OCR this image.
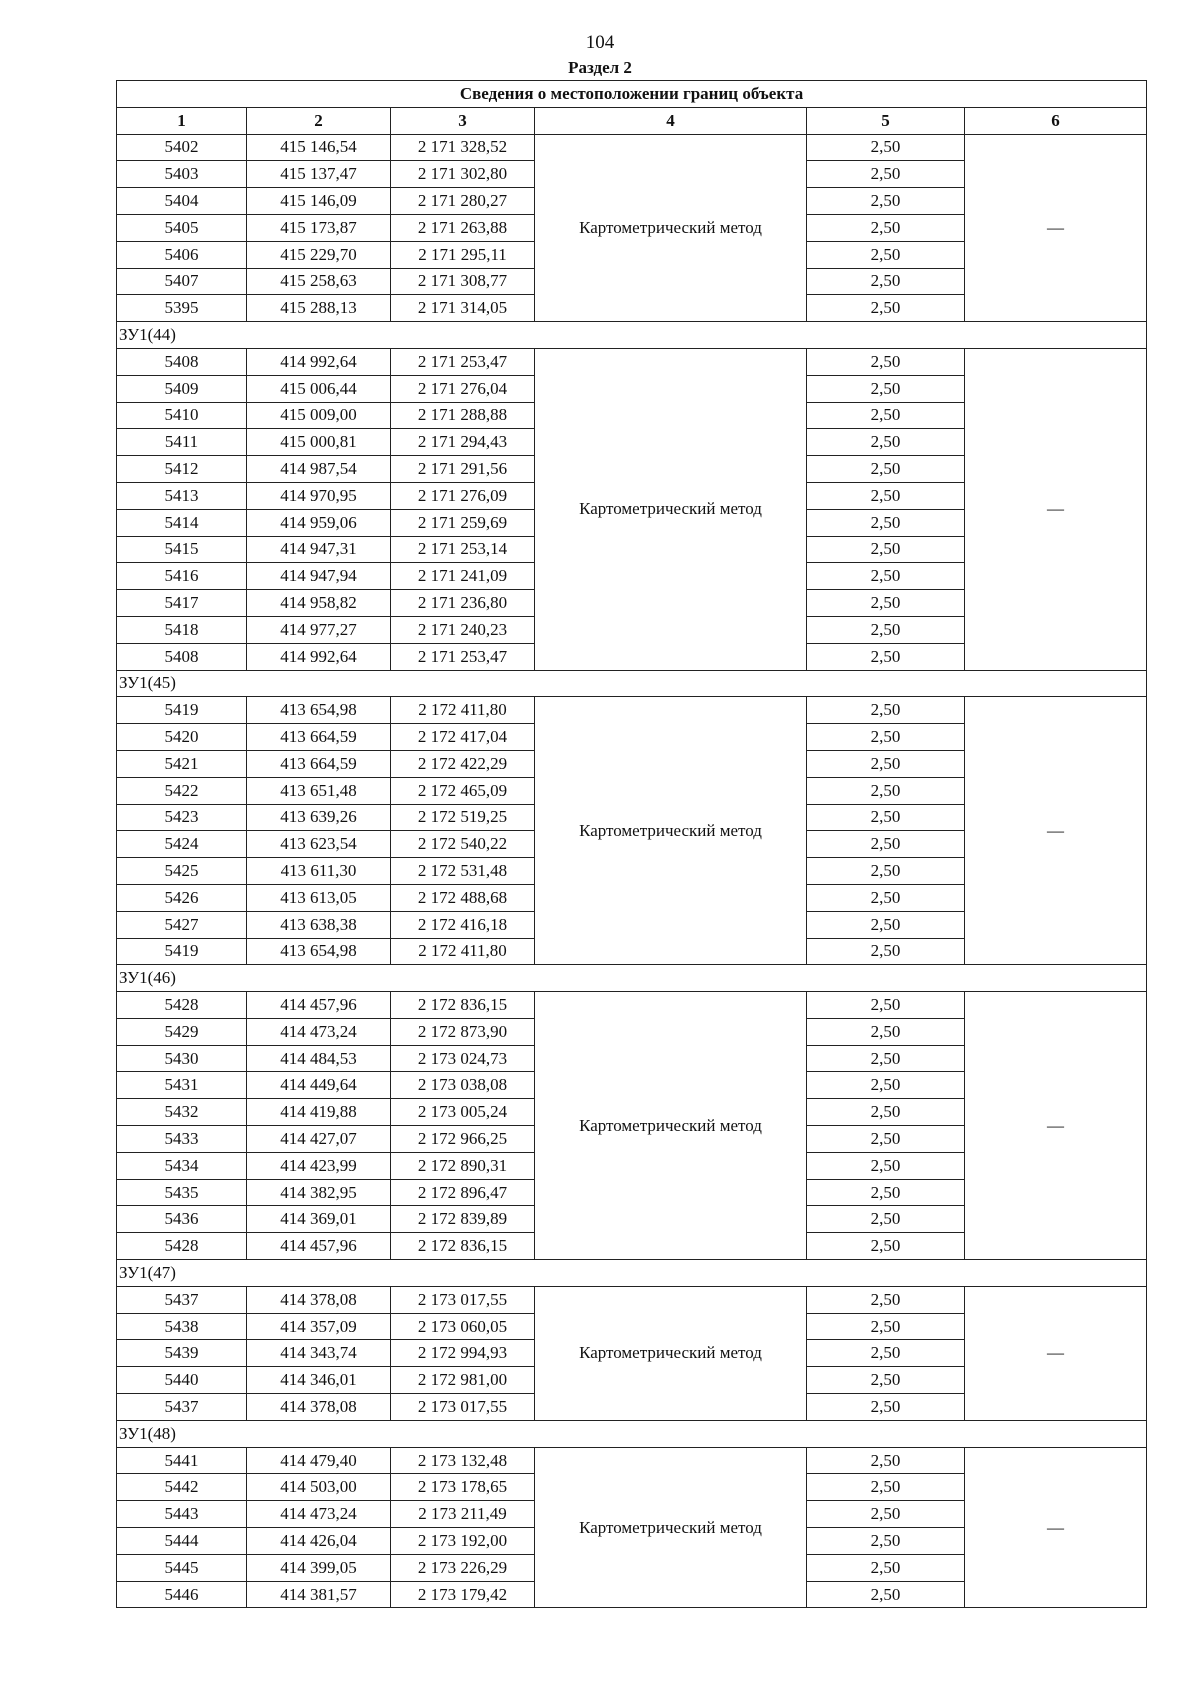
104
Раздел 2
Сведения о местоположении границ объекта					
1	2	3	4	5	6
5402	415 146,54	2 171 328,52	Картометрический метод	2,50	—
5403	415 137,47	2 171 302,80		2,50	
5404	415 146,09	2 171 280,27		2,50	
5405	415 173,87	2 171 263,88		2,50	
5406	415 229,70	2 171 295,11		2,50	
5407	415 258,63	2 171 308,77		2,50	
5395	415 288,13	2 171 314,05		2,50	
ЗУ1(44)					
5408	414 992,64	2 171 253,47	Картометрический метод	2,50	—
5409	415 006,44	2 171 276,04		2,50	
5410	415 009,00	2 171 288,88		2,50	
5411	415 000,81	2 171 294,43		2,50	
5412	414 987,54	2 171 291,56		2,50	
5413	414 970,95	2 171 276,09		2,50	
5414	414 959,06	2 171 259,69		2,50	
5415	414 947,31	2 171 253,14		2,50	
5416	414 947,94	2 171 241,09		2,50	
5417	414 958,82	2 171 236,80		2,50	
5418	414 977,27	2 171 240,23		2,50	
5408	414 992,64	2 171 253,47		2,50	
ЗУ1(45)					
5419	413 654,98	2 172 411,80	Картометрический метод	2,50	—
5420	413 664,59	2 172 417,04		2,50	
5421	413 664,59	2 172 422,29		2,50	
5422	413 651,48	2 172 465,09		2,50	
5423	413 639,26	2 172 519,25		2,50	
5424	413 623,54	2 172 540,22		2,50	
5425	413 611,30	2 172 531,48		2,50	
5426	413 613,05	2 172 488,68		2,50	
5427	413 638,38	2 172 416,18		2,50	
5419	413 654,98	2 172 411,80		2,50	
ЗУ1(46)					
5428	414 457,96	2 172 836,15	Картометрический метод	2,50	—
5429	414 473,24	2 172 873,90		2,50	
5430	414 484,53	2 173 024,73		2,50	
5431	414 449,64	2 173 038,08		2,50	
5432	414 419,88	2 173 005,24		2,50	
5433	414 427,07	2 172 966,25		2,50	
5434	414 423,99	2 172 890,31		2,50	
5435	414 382,95	2 172 896,47		2,50	
5436	414 369,01	2 172 839,89		2,50	
5428	414 457,96	2 172 836,15		2,50	
ЗУ1(47)					
5437	414 378,08	2 173 017,55	Картометрический метод	2,50	—
5438	414 357,09	2 173 060,05		2,50	
5439	414 343,74	2 172 994,93		2,50	
5440	414 346,01	2 172 981,00		2,50	
5437	414 378,08	2 173 017,55		2,50	
ЗУ1(48)					
5441	414 479,40	2 173 132,48	Картометрический метод	2,50	—
5442	414 503,00	2 173 178,65		2,50	
5443	414 473,24	2 173 211,49		2,50	
5444	414 426,04	2 173 192,00		2,50	
5445	414 399,05	2 173 226,29		2,50	
5446	414 381,57	2 173 179,42		2,50	
